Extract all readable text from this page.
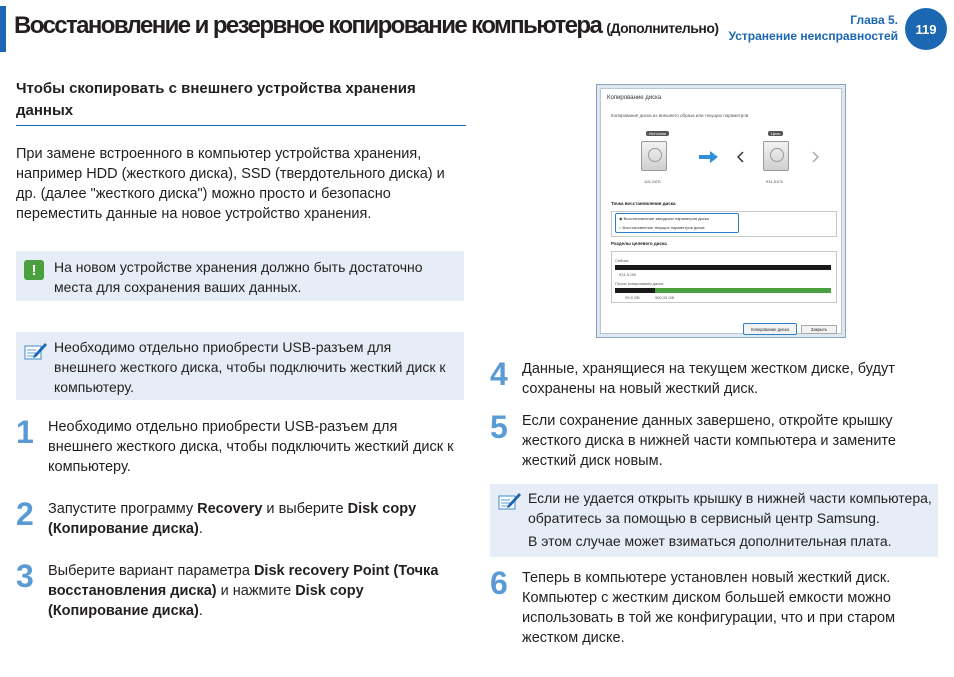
Восстановление и резервное копирование компьютера (Дополнительно)	Глава 5.
Устранение неисправностей	119
Чтобы скопировать с внешнего устройства хранения данных
При замене встроенного в компьютер устройства хранения, например HDD (жесткого диска), SSD (твердотельного диска) и др. (далее "жесткого диска") можно просто и безопасно переместить данные на новое устройство хранения.
!	На новом устройстве хранения должно быть достаточно места для сохранения ваших данных.
Необходимо отдельно приобрести USB-разъем для внешнего жесткого диска, чтобы подключить жесткий диск к компьютеру.
1 Необходимо отдельно приобрести USB-разъем для внешнего жесткого диска, чтобы подключить жесткий диск к компьютеру.
2 Запустите программу Recovery и выберите Disk copy (Копирование диска).
3 Выберите вариант параметра Disk recovery Point (Точка восстановления диска) и нажмите Disk copy (Копирование диска).
Копирование диска
Копирование диска из внешнего образа или текущих параметров
Источник
119,24ГБ
Цель
931,51ГБ
Точка восстановления диска
◉ Восстановление заводских параметров диска
○ Восстановление текущих параметров диска
Разделы целевого диска
Сейчас
931,5 GB
После копирования диска
29,9 GB	900,33 GB
Копирование диска	Закрыть
4 Данные, хранящиеся на текущем жестком диске, будут сохранены на новый жесткий диск.
5 Если сохранение данных завершено, откройте крышку жесткого диска в нижней части компьютера и замените жесткий диск новым.
Если не удается открыть крышку в нижней части компьютера, обратитесь за помощью в сервисный центр Samsung.
В этом случае может взиматься дополнительная плата.
6 Теперь в компьютере установлен новый жесткий диск. Компьютер с жестким диском большей емкости можно использовать в той же конфигурации, что и при старом жестком диске.
